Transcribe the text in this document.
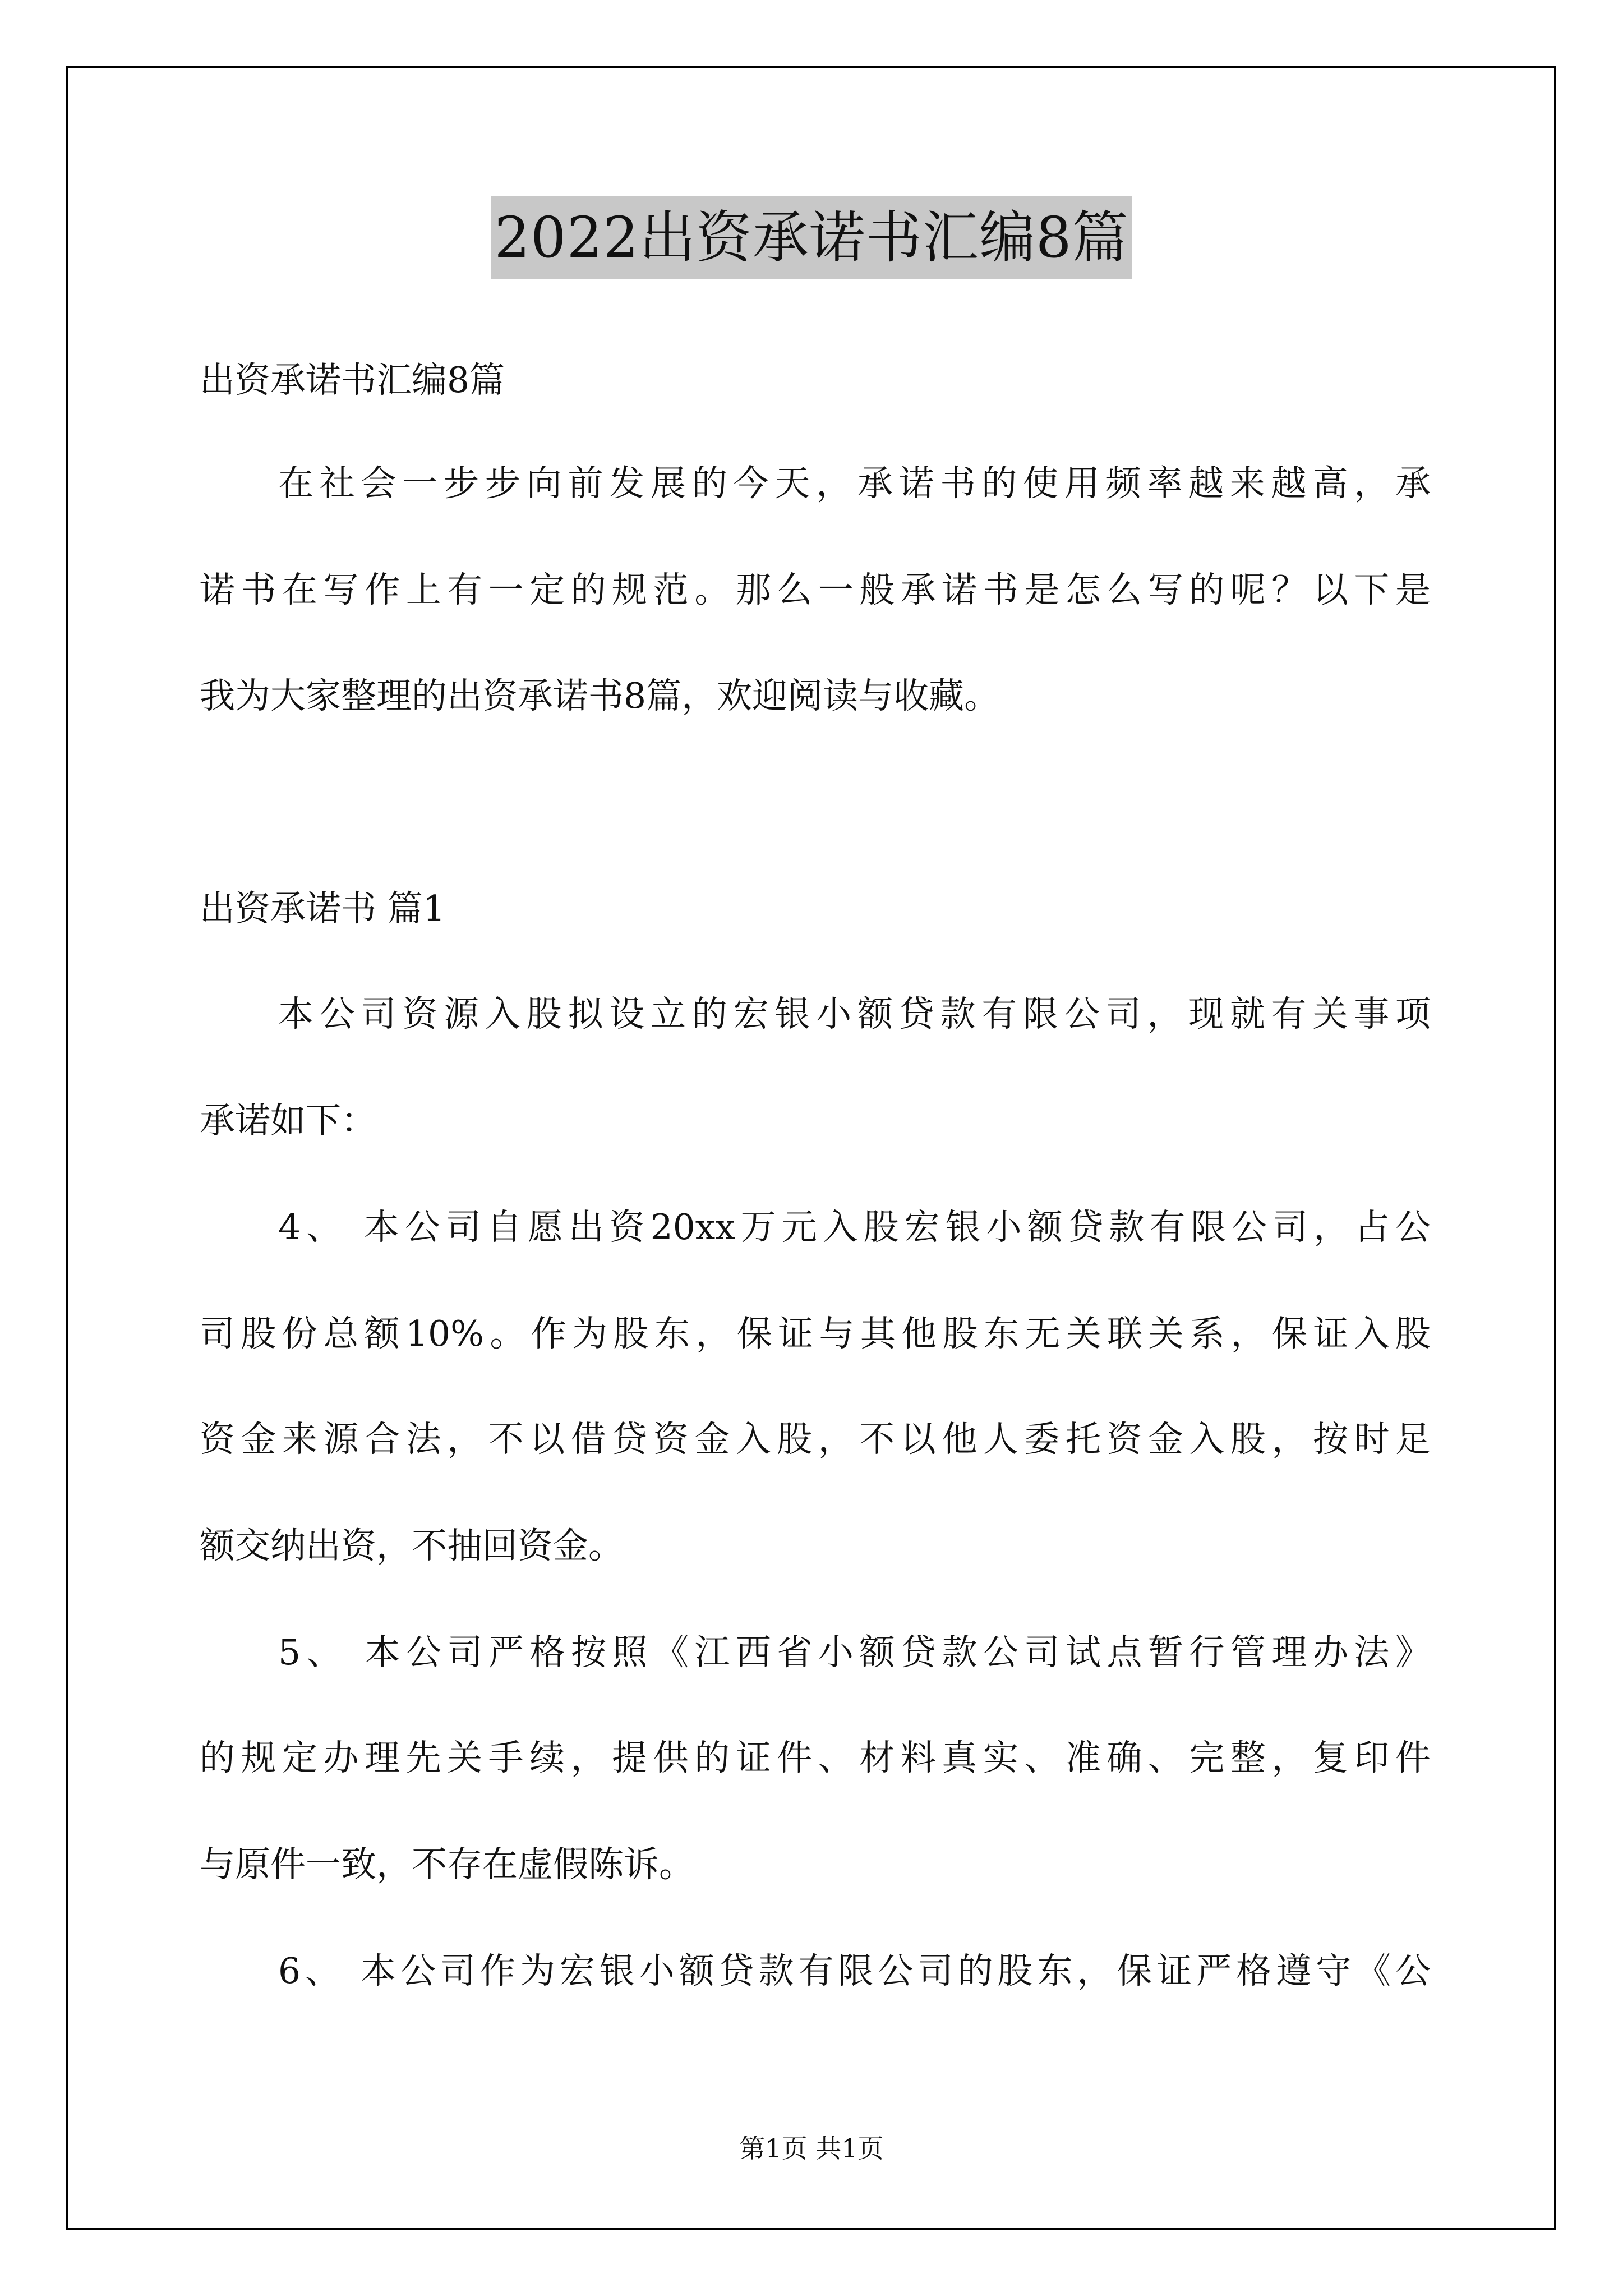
2022出资承诺书汇编8篇
出资承诺书汇编8篇
在社会一步步向前发展的今天，承诺书的使用频率越来越高，承
诺书在写作上有一定的规范。那么一般承诺书是怎么写的呢？以下是
我为大家整理的出资承诺书8篇，欢迎阅读与收藏。
出资承诺书 篇1
本公司资源入股拟设立的宏银小额贷款有限公司，现就有关事项
承诺如下：
4、 本公司自愿出资20xx万元入股宏银小额贷款有限公司，占公
司股份总额10%。作为股东，保证与其他股东无关联关系，保证入股
资金来源合法，不以借贷资金入股，不以他人委托资金入股，按时足
额交纳出资，不抽回资金。
5、 本公司严格按照《江西省小额贷款公司试点暂行管理办法》
的规定办理先关手续，提供的证件、材料真实、准确、完整，复印件
与原件一致，不存在虚假陈诉。
6、 本公司作为宏银小额贷款有限公司的股东，保证严格遵守《公
第1页 共1页
